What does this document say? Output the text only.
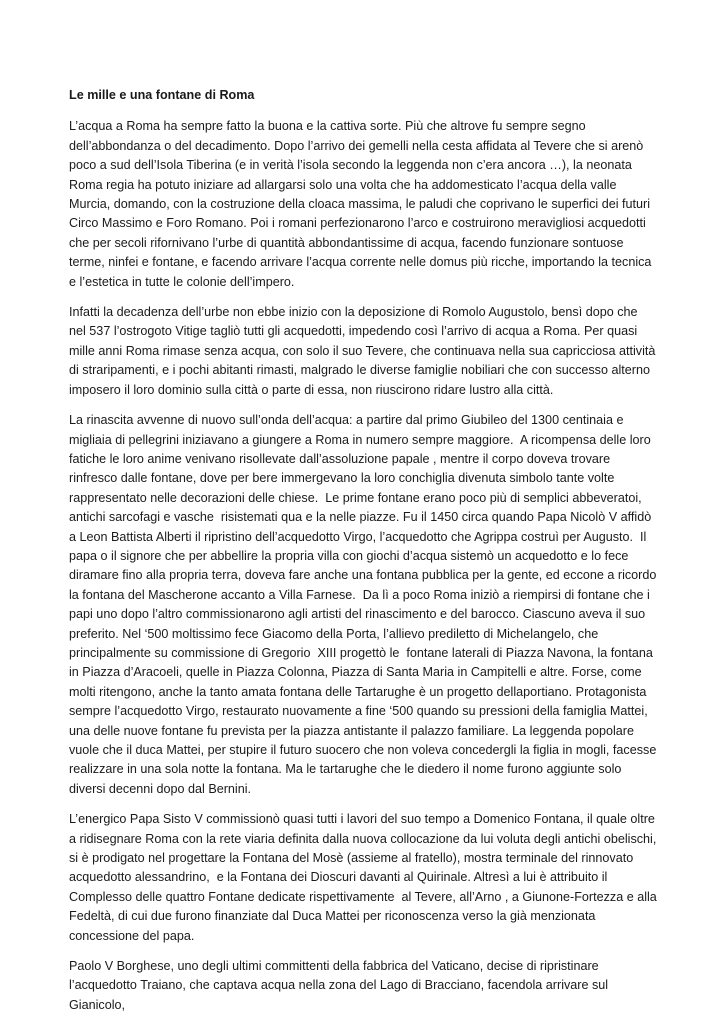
Le mille e una fontane di Roma

L’acqua a Roma ha sempre fatto la buona e la cattiva sorte. Più che altrove fu sempre segno dell’abbondanza o del decadimento. Dopo l’arrivo dei gemelli nella cesta affidata al Tevere che si arenò poco a sud dell’Isola Tiberina (e in verità l’isola secondo la leggenda non c’era ancora …), la neonata Roma regia ha potuto iniziare ad allargarsi solo una volta che ha addomesticato l’acqua della valle Murcia, domando, con la costruzione della cloaca massima, le paludi che coprivano le superfici dei futuri Circo Massimo e Foro Romano. Poi i romani perfezionarono l’arco e costruirono meravigliosi acquedotti che per secoli rifornivano l’urbe di quantità abbondantissime di acqua, facendo funzionare sontuose terme, ninfei e fontane, e facendo arrivare l’acqua corrente nelle domus più ricche, importando la tecnica e l’estetica in tutte le colonie dell’impero.

Infatti la decadenza dell’urbe non ebbe inizio con la deposizione di Romolo Augustolo, bensì dopo che nel 537 l’ostrogoto Vitige tagliò tutti gli acquedotti, impedendo così l’arrivo di acqua a Roma. Per quasi mille anni Roma rimase senza acqua, con solo il suo Tevere, che continuava nella sua capricciosa attività di straripamenti, e i pochi abitanti rimasti, malgrado le diverse famiglie nobiliari che con successo alterno imposero il loro dominio sulla città o parte di essa, non riuscirono ridare lustro alla città.

La rinascita avvenne di nuovo sull’onda dell’acqua: a partire dal primo Giubileo del 1300 centinaia e migliaia di pellegrini iniziavano a giungere a Roma in numero sempre maggiore.  A ricompensa delle loro fatiche le loro anime venivano risollevate dall’assoluzione papale , mentre il corpo doveva trovare rinfresco dalle fontane, dove per bere immergevano la loro conchiglia divenuta simbolo tante volte rappresentato nelle decorazioni delle chiese.  Le prime fontane erano poco più di semplici abbeveratoi, antichi sarcofagi e vasche  risistemati qua e la nelle piazze. Fu il 1450 circa quando Papa Nicolò V affidò a Leon Battista Alberti il ripristino dell’acquedotto Virgo, l’acquedotto che Agrippa costruì per Augusto.  Il papa o il signore che per abbellire la propria villa con giochi d’acqua sistemò un acquedotto e lo fece diramare fino alla propria terra, doveva fare anche una fontana pubblica per la gente, ed eccone a ricordo la fontana del Mascherone accanto a Villa Farnese.  Da lì a poco Roma iniziò a riempirsi di fontane che i papi uno dopo l’altro commissionarono agli artisti del rinascimento e del barocco. Ciascuno aveva il suo preferito. Nel ‘500 moltissimo fece Giacomo della Porta, l’allievo prediletto di Michelangelo, che principalmente su commissione di Gregorio  XIII progettò le  fontane laterali di Piazza Navona, la fontana in Piazza d’Aracoeli, quelle in Piazza Colonna, Piazza di Santa Maria in Campitelli e altre. Forse, come molti ritengono, anche la tanto amata fontana delle Tartarughe è un progetto dellaportiano. Protagonista sempre l’acquedotto Virgo, restaurato nuovamente a fine ‘500 quando su pressioni della famiglia Mattei, una delle nuove fontane fu prevista per la piazza antistante il palazzo familiare. La leggenda popolare vuole che il duca Mattei, per stupire il futuro suocero che non voleva concedergli la figlia in mogli, facesse realizzare in una sola notte la fontana. Ma le tartarughe che le diedero il nome furono aggiunte solo diversi decenni dopo dal Bernini.

L’energico Papa Sisto V commissionò quasi tutti i lavori del suo tempo a Domenico Fontana, il quale oltre a ridisegnare Roma con la rete viaria definita dalla nuova collocazione da lui voluta degli antichi obelischi, si è prodigato nel progettare la Fontana del Mosè (assieme al fratello), mostra terminale del rinnovato acquedotto alessandrino,  e la Fontana dei Dioscuri davanti al Quirinale. Altresì a lui è attribuito il Complesso delle quattro Fontane dedicate rispettivamente  al Tevere, all’Arno , a Giunone-Fortezza e alla Fedeltà, di cui due furono finanziate dal Duca Mattei per riconoscenza verso la già menzionata concessione del papa.

Paolo V Borghese, uno degli ultimi committenti della fabbrica del Vaticano, decise di ripristinare l’acquedotto Traiano, che captava acqua nella zona del Lago di Bracciano, facendola arrivare sul Gianicolo,
